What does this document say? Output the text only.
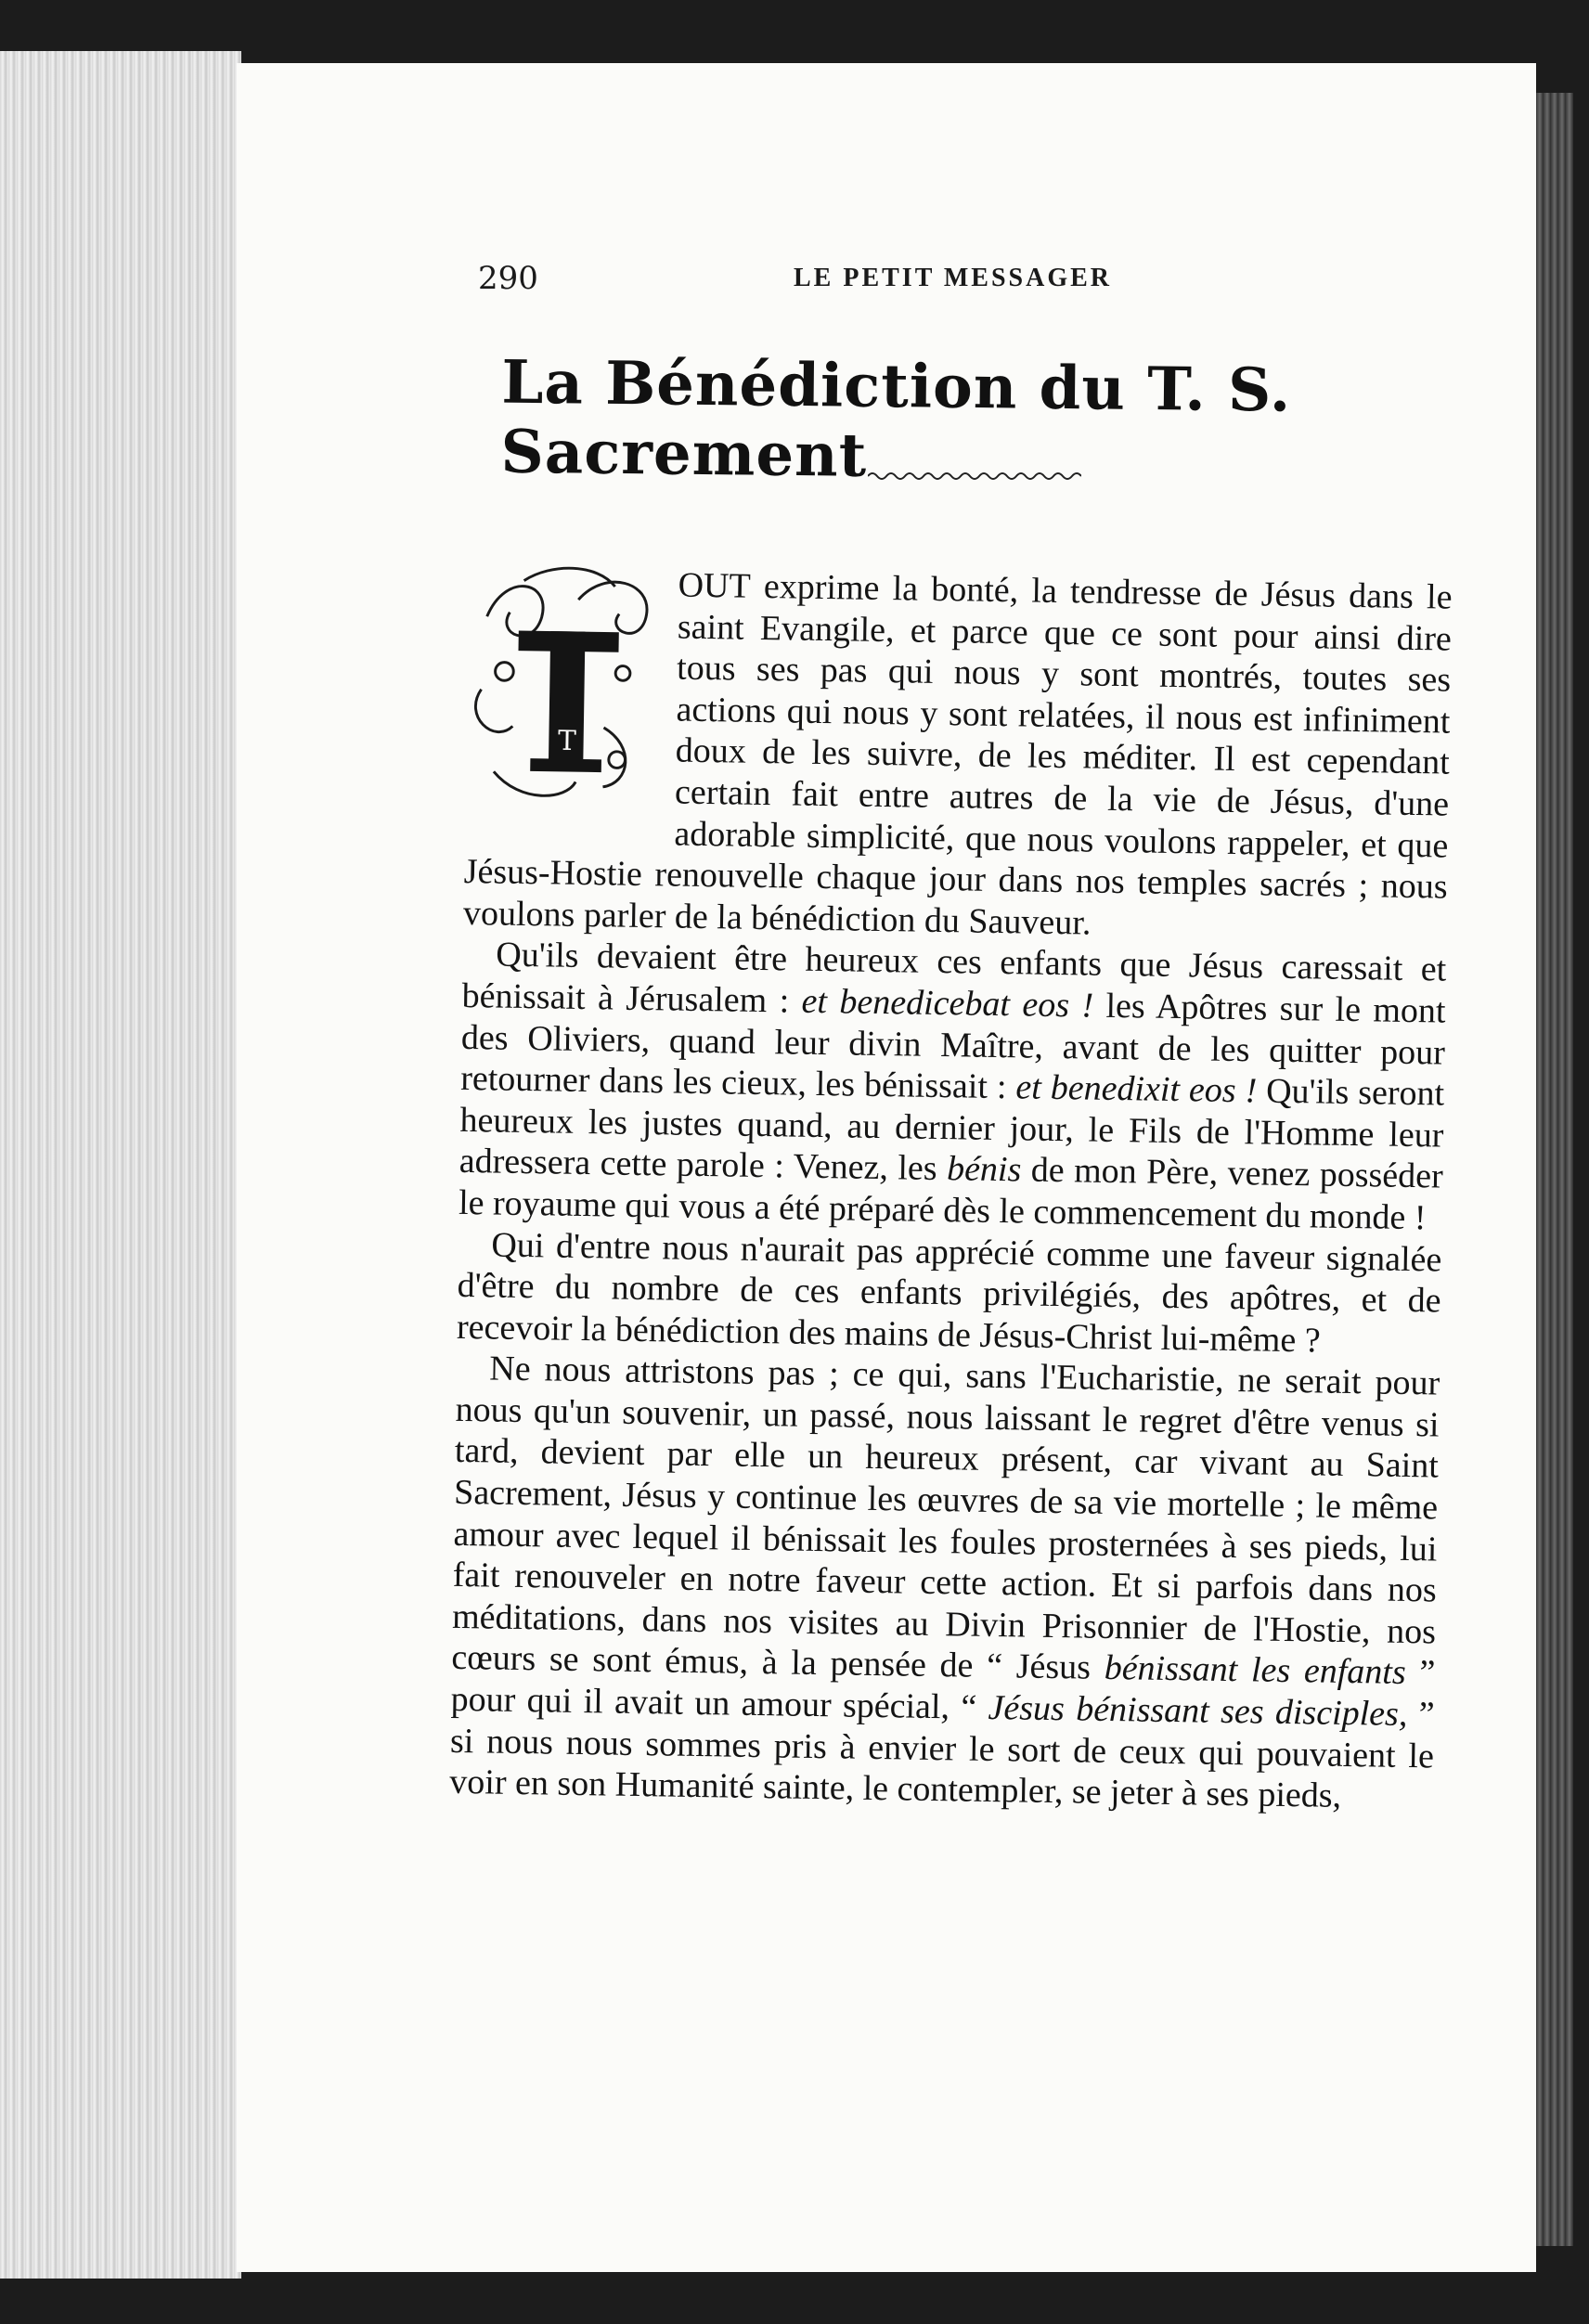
290	LE PETIT MESSAGER
La Bénédiction du T. S. Sacrement

T
OUT exprime la bonté, la tendresse de Jésus dans le saint Evangile, et parce que ce sont pour ainsi dire tous ses pas qui nous y sont montrés, toutes ses actions qui nous y sont relatées, il nous est infiniment doux de les suivre, de les méditer. Il est cependant certain fait entre autres de la vie de Jésus, d'une adorable simplicité, que nous voulons rappeler, et que Jésus-Hostie renouvelle chaque jour dans nos temples sacrés ; nous voulons parler de la bénédiction du Sauveur.

Qu'ils devaient être heureux ces enfants que Jésus caressait et bénissait à Jérusalem : et benedicebat eos ! les Apôtres sur le mont des Oliviers, quand leur divin Maître, avant de les quitter pour retourner dans les cieux, les bénissait : et benedixit eos ! Qu'ils seront heureux les justes quand, au dernier jour, le Fils de l'Homme leur adressera cette parole : Venez, les bénis de mon Père, venez posséder le royaume qui vous a été préparé dès le commencement du monde !

Qui d'entre nous n'aurait pas apprécié comme une faveur signalée d'être du nombre de ces enfants privilégiés, des apôtres, et de recevoir la bénédiction des mains de Jésus-Christ lui-même ?

Ne nous attristons pas ; ce qui, sans l'Eucharistie, ne serait pour nous qu'un souvenir, un passé, nous laissant le regret d'être venus si tard, devient par elle un heureux présent, car vivant au Saint Sacrement, Jésus y continue les œuvres de sa vie mortelle ; le même amour avec lequel il bénissait les foules prosternées à ses pieds, lui fait renouveler en notre faveur cette action. Et si parfois dans nos méditations, dans nos visites au Divin Prisonnier de l'Hostie, nos cœurs se sont émus, à la pensée de “ Jésus bénissant les enfants ” pour qui il avait un amour spécial, “ Jésus bénissant ses disciples, ” si nous nous sommes pris à envier le sort de ceux qui pouvaient le voir en son Humanité sainte, le contempler, se jeter à ses pieds,
